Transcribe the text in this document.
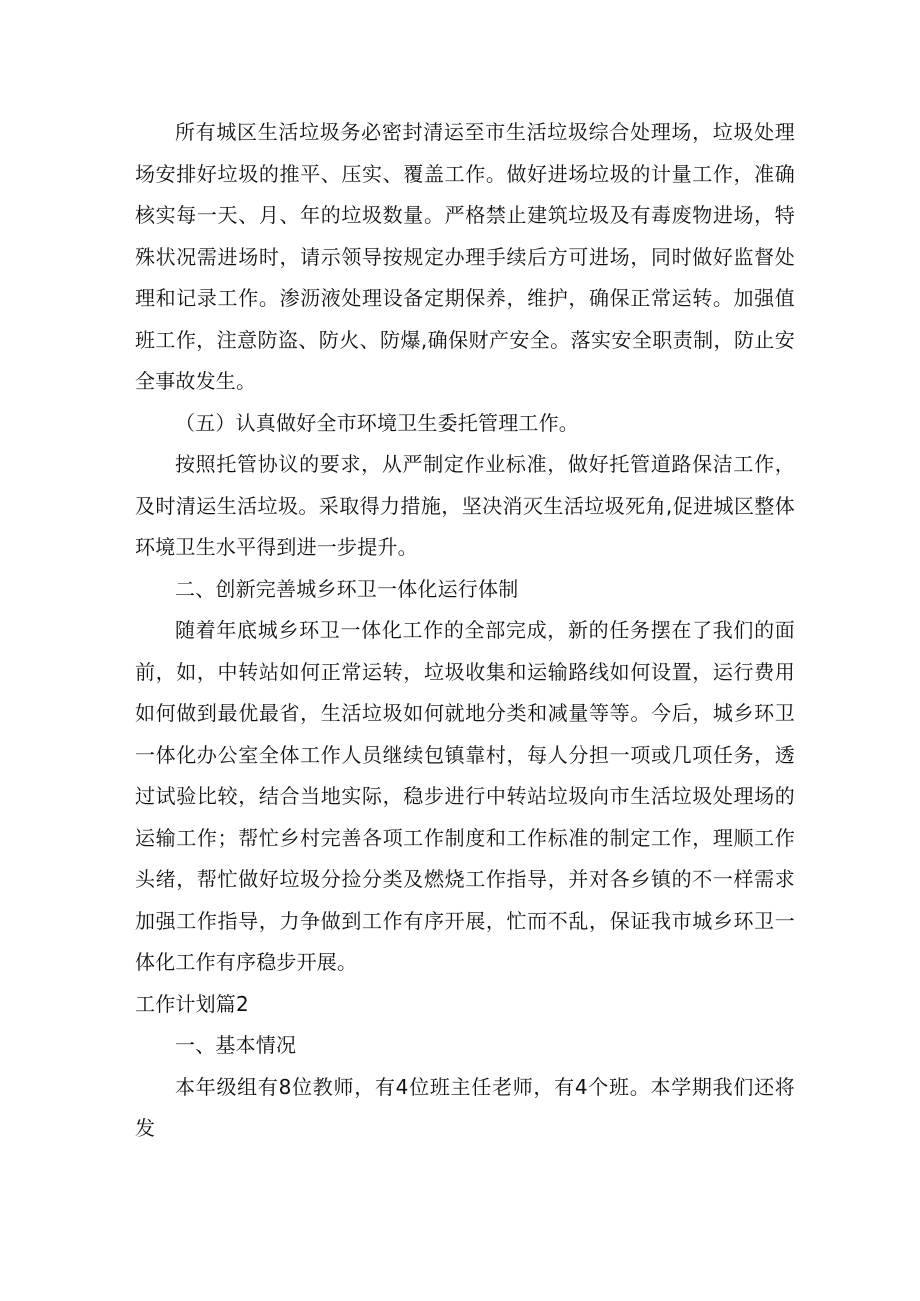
所有城区生活垃圾务必密封清运至市生活垃圾综合处理场，垃圾处理场安排好垃圾的推平、压实、覆盖工作。做好进场垃圾的计量工作，准确核实每一天、月、年的垃圾数量。严格禁止建筑垃圾及有毒废物进场，特殊状况需进场时，请示领导按规定办理手续后方可进场，同时做好监督处理和记录工作。渗沥液处理设备定期保养，维护，确保正常运转。加强值班工作，注意防盗、防火、防爆,确保财产安全。落实安全职责制，防止安全事故发生。

（五）认真做好全市环境卫生委托管理工作。

按照托管协议的要求，从严制定作业标准，做好托管道路保洁工作，及时清运生活垃圾。采取得力措施，坚决消灭生活垃圾死角,促进城区整体环境卫生水平得到进一步提升。

二、创新完善城乡环卫一体化运行体制

随着年底城乡环卫一体化工作的全部完成，新的任务摆在了我们的面前，如，中转站如何正常运转，垃圾收集和运输路线如何设置，运行费用如何做到最优最省，生活垃圾如何就地分类和减量等等。今后，城乡环卫一体化办公室全体工作人员继续包镇靠村，每人分担一项或几项任务，透过试验比较，结合当地实际，稳步进行中转站垃圾向市生活垃圾处理场的运输工作；帮忙乡村完善各项工作制度和工作标准的制定工作，理顺工作头绪，帮忙做好垃圾分捡分类及燃烧工作指导，并对各乡镇的不一样需求加强工作指导，力争做到工作有序开展，忙而不乱，保证我市城乡环卫一体化工作有序稳步开展。

工作计划篇2

一、基本情况

本年级组有8位教师，有4位班主任老师，有4个班。本学期我们还将发
